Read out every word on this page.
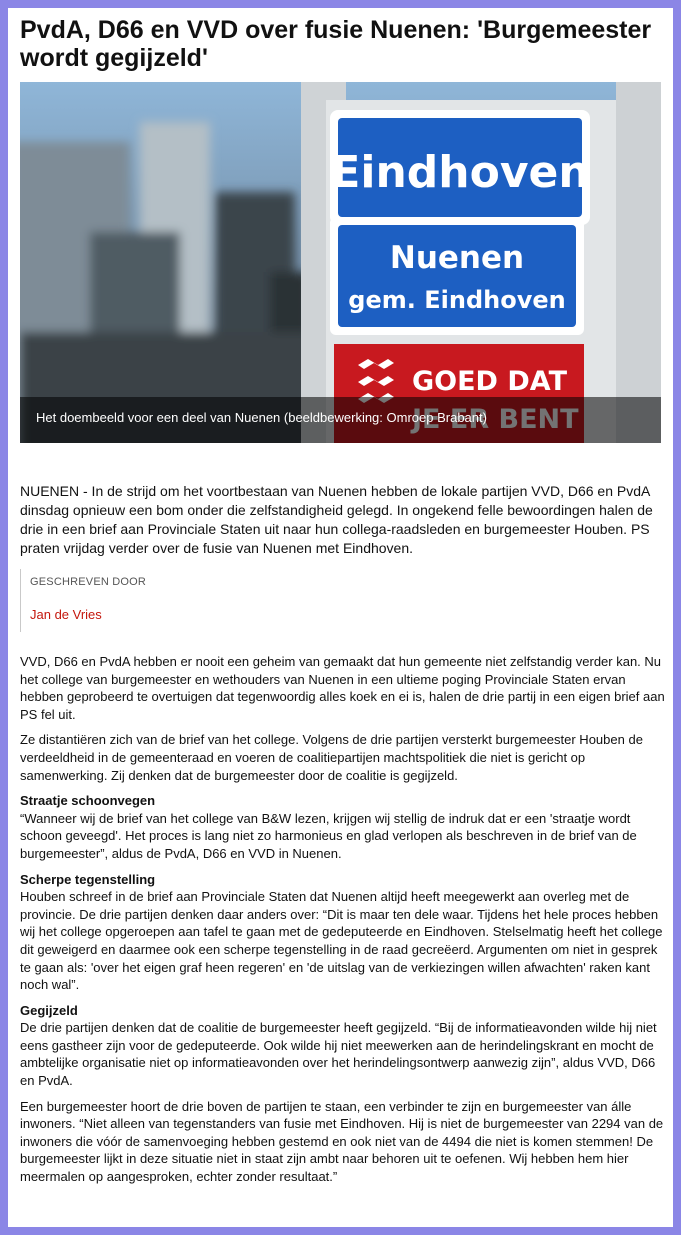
PvdA, D66 en VVD over fusie Nuenen: 'Burgemeester wordt gegijzeld'
Eindhoven
Nuenen
gem. Eindhoven
GOED DAT
Het doembeeld voor een deel van Nuenen (beeldbewerking: Omroep Brabant)

NUENEN - In de strijd om het voortbestaan van Nuenen hebben de lokale partijen VVD, D66 en PvdA dinsdag opnieuw een bom onder die zelfstandigheid gelegd. In ongekend felle bewoordingen halen de drie in een brief aan Provinciale Staten uit naar hun collega-raadsleden en burgemeester Houben. PS praten vrijdag verder over de fusie van Nuenen met Eindhoven.

GESCHREVEN DOOR
Jan de Vries

VVD, D66 en PvdA hebben er nooit een geheim van gemaakt dat hun gemeente niet zelfstandig verder kan. Nu het college van burgemeester en wethouders van Nuenen in een ultieme poging Provinciale Staten ervan hebben geprobeerd te overtuigen dat tegenwoordig alles koek en ei is, halen de drie partij in een eigen brief aan PS fel uit.

Ze distantiëren zich van de brief van het college. Volgens de drie partijen versterkt burgemeester Houben de verdeeldheid in de gemeenteraad en voeren de coalitiepartijen machtspolitiek die niet is gericht op samenwerking. Zij denken dat de burgemeester door de coalitie is gegijzeld.

Straatje schoonvegen

“Wanneer wij de brief van het college van B&W lezen, krijgen wij stellig de indruk dat er een 'straatje wordt schoon geveegd'. Het proces is lang niet zo harmonieus en glad verlopen als beschreven in de brief van de burgemeester”, aldus de PvdA, D66 en VVD in Nuenen.

Scherpe tegenstelling

Houben schreef in de brief aan Provinciale Staten dat Nuenen altijd heeft meegewerkt aan overleg met de provincie. De drie partijen denken daar anders over: “Dit is maar ten dele waar. Tijdens het hele proces hebben wij het college opgeroepen aan tafel te gaan met de gedeputeerde en Eindhoven. Stelselmatig heeft het college dit geweigerd en daarmee ook een scherpe tegenstelling in de raad gecreëerd. Argumenten om niet in gesprek te gaan als: 'over het eigen graf heen regeren' en 'de uitslag van de verkiezingen willen afwachten' raken kant noch wal”.

Gegijzeld

De drie partijen denken dat de coalitie de burgemeester heeft gegijzeld. “Bij de informatieavonden wilde hij niet eens gastheer zijn voor de gedeputeerde. Ook wilde hij niet meewerken aan de herindelingskrant en mocht de ambtelijke organisatie niet op informatieavonden over het herindelingsontwerp aanwezig zijn”, aldus VVD, D66 en PvdA.

Een burgemeester hoort de drie boven de partijen te staan, een verbinder te zijn en burgemeester van álle inwoners. “Niet alleen van tegenstanders van fusie met Eindhoven. Hij is niet de burgemeester van 2294 van de inwoners die vóór de samenvoeging hebben gestemd en ook niet van de 4494 die niet is komen stemmen! De burgemeester lijkt in deze situatie niet in staat zijn ambt naar behoren uit te oefenen. Wij hebben hem hier meermalen op aangesproken, echter zonder resultaat.”
